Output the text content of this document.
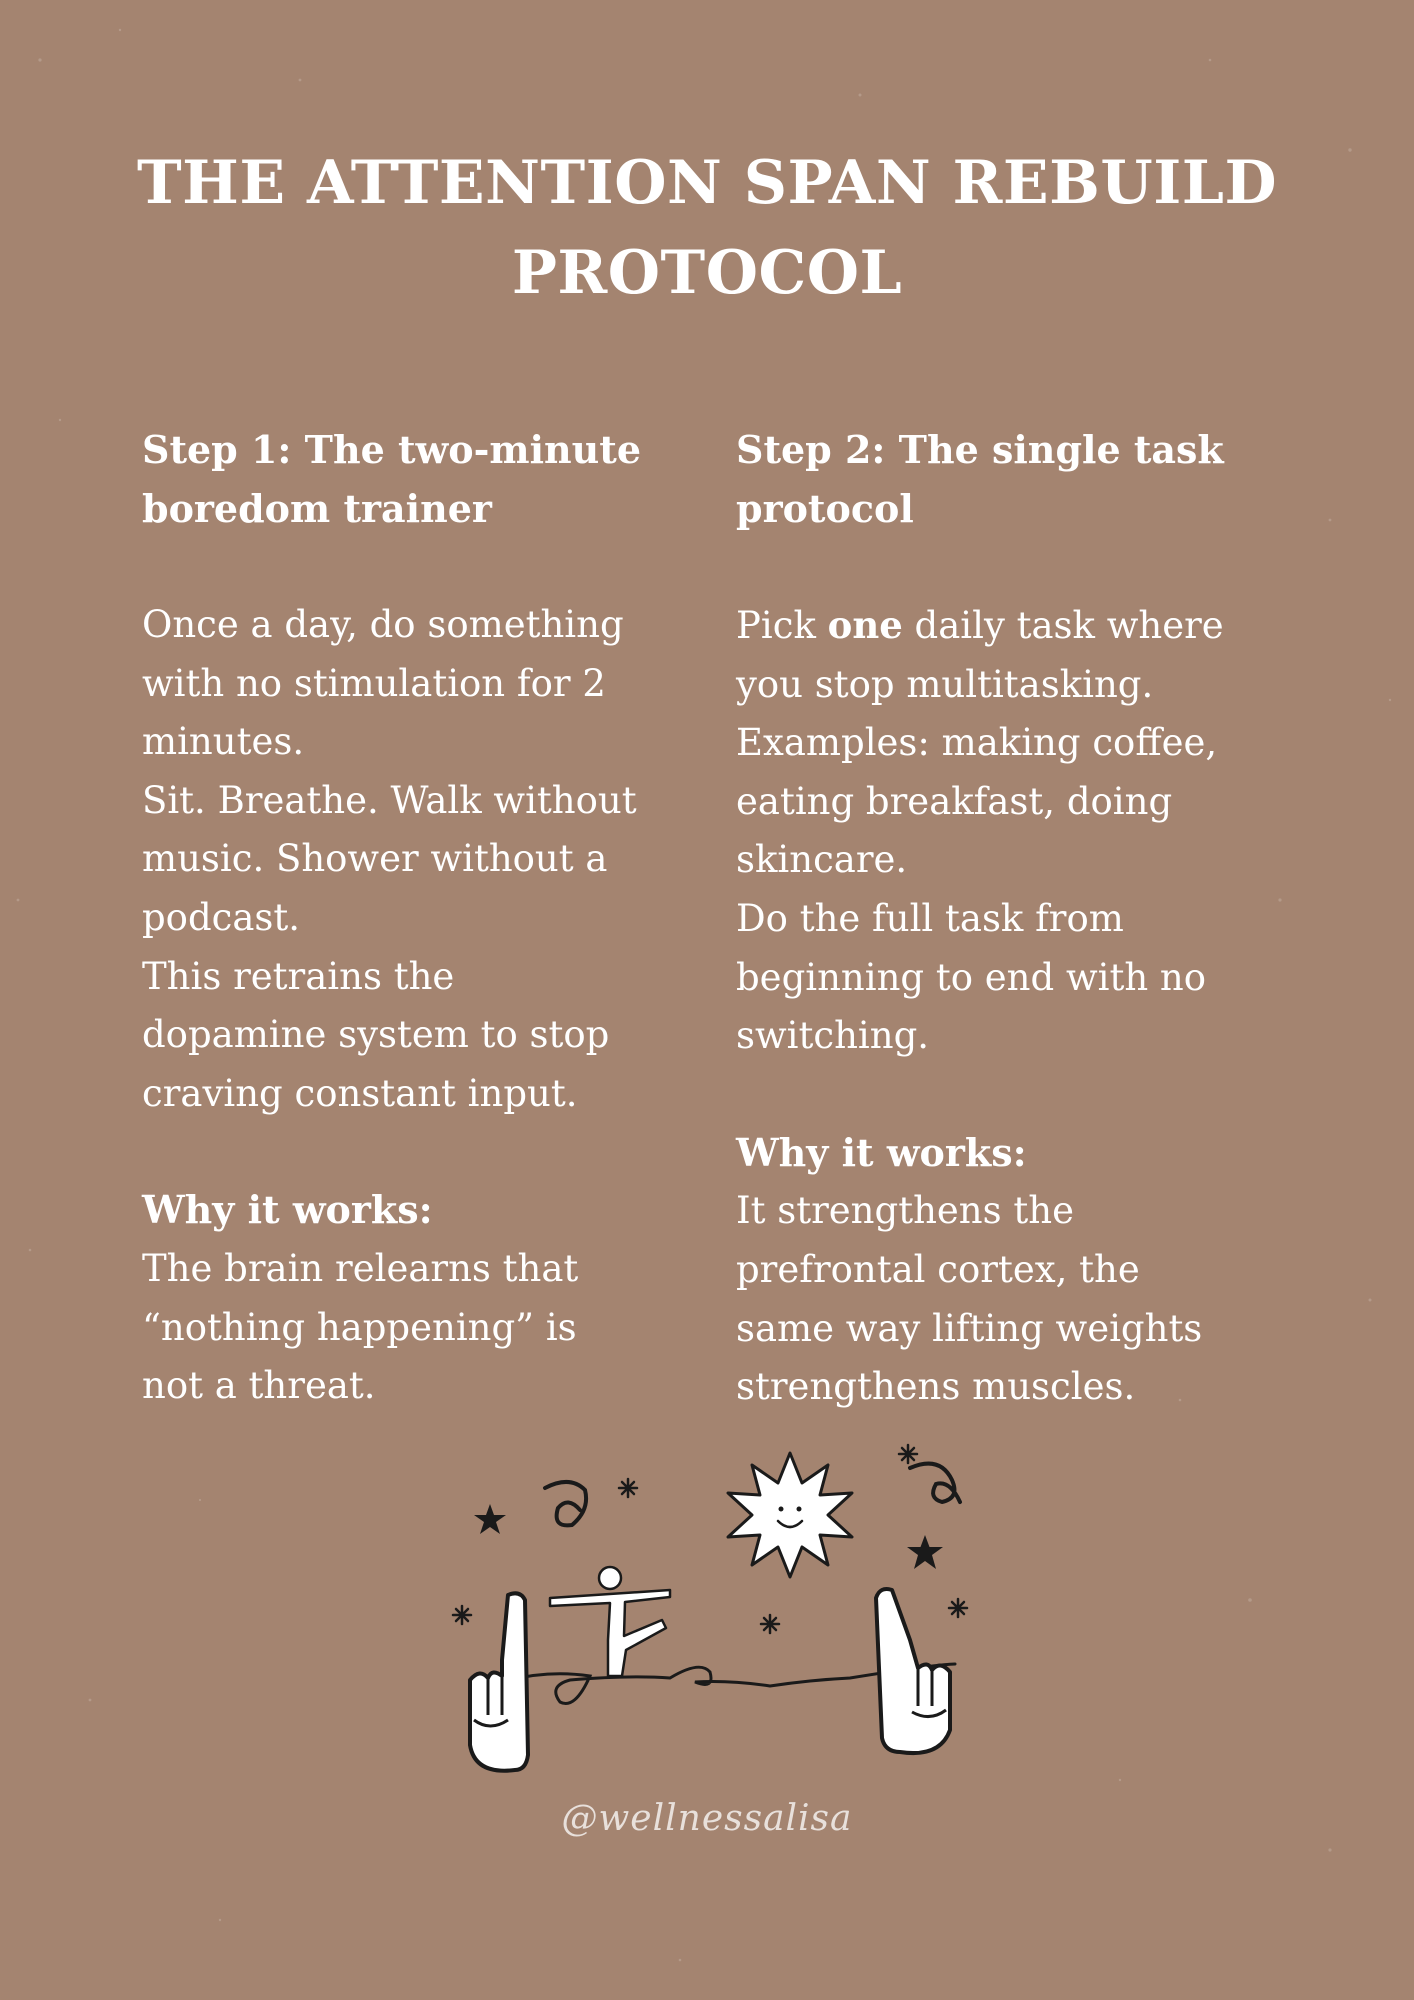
THE ATTENTION SPAN REBUILD
PROTOCOL
Step 1: The two-minute
boredom trainer
Once a day, do something
with no stimulation for 2
minutes.
Sit. Breathe. Walk without
music. Shower without a
podcast.
This retrains the
dopamine system to stop
craving constant input.
Why it works:
The brain relearns that
“nothing happening” is
not a threat.
Step 2: The single task
protocol
Pick one daily task where
you stop multitasking.
Examples: making coffee,
eating breakfast, doing
skincare.
Do the full task from
beginning to end with no
switching.
Why it works:
It strengthens the
prefrontal cortex, the
same way lifting weights
strengthens muscles.
@wellnessalisa
